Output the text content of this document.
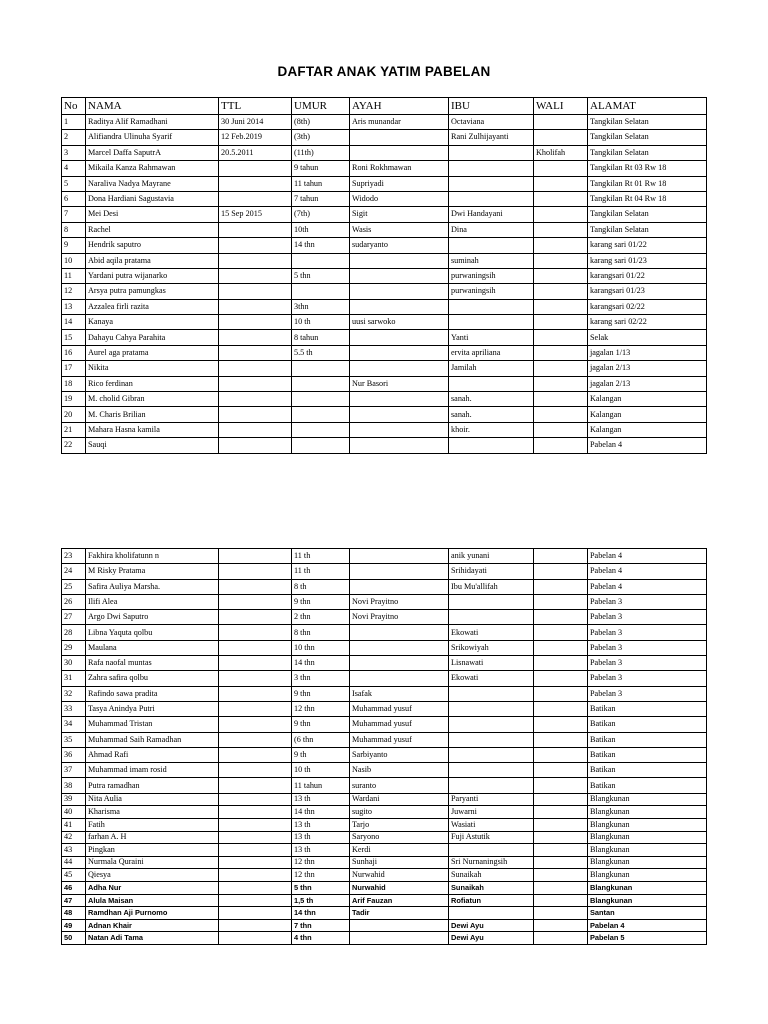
DAFTAR ANAK YATIM PABELAN
No	NAMA	TTL	UMUR	AYAH	IBU	WALI	ALAMAT
1	Raditya Alif Ramadhani	30 Juni 2014	(8th)	Aris munandar	Octaviana		Tangkilan Selatan
2	Alifiandra Ulinuha Syarif	12 Feb.2019	(3th)		Rani Zulhijayanti		Tangkilan Selatan
3	Marcel Daffa SaputrA	20.5.2011	(11th)			Kholifah	Tangkilan Selatan
4	Mikaila Kanza Rahmawan		9 tahun	Roni Rokhmawan			Tangkilan Rt 03 Rw 18
5	Naraliva Nadya Mayrane		11 tahun	Supriyadi			Tangkilan Rt 01 Rw 18
6	Dona Hardiani Sagustavia		7 tahun	Widodo			Tangkilan Rt 04 Rw 18
7	Mei Desi	15 Sep 2015	(7th)	Sigit	Dwi Handayani		Tangkilan Selatan
8	Rachel		10th	Wasis	Dina		Tangkilan Selatan
9	Hendrik saputro		14 thn	sudaryanto			karang sari 01/22
10	Abid aqila pratama				suminah		karang sari 01/23
11	Yardani putra wijanarko		5 thn		purwaningsih		karangsari 01/22
12	Arsya putra pamungkas				purwaningsih		karangsari 01/23
13	Azzalea firli razita		3thn				karangsari 02/22
14	Kanaya		10 th	uusi sarwoko			karang sari 02/22
15	Dahayu Cahya Parahita		8 tahun		Yanti		Selak
16	Aurel aga pratama		5.5 th		ervita apriliana		jagalan 1/13
17	Nikita				Jamilah		jagalan 2/13
18	Rico ferdinan			Nur Basori			jagalan 2/13
19	M. cholid Gibran				sanah.		Kalangan
20	M. Charis Brilian				sanah.		Kalangan
21	Mahara Hasna kamila				khoir.		Kalangan
22	Sauqi						Pabelan 4
23	Fakhira kholifatunn n		11 th		anik yunani		Pabelan 4
24	M Risky Pratama		11 th		Srihidayati		Pabelan 4
25	Safira Auliya Marsha.		8 th		Ibu Mu'allifah		Pabelan 4
26	Ilifi Alea		9 thn	Novi Prayitno			Pabelan 3
27	Argo Dwi Saputro		2 thn	Novi Prayitno			Pabelan 3
28	Libna Yaquta qolbu		8 thn		Ekowati		Pabelan 3
29	Maulana		10 thn		Srikowiyah		Pabelan 3
30	Rafa naofal muntas		14 thn		Lisnawati		Pabelan 3
31	Zahra safira qolbu		3 thn		Ekowati		Pabelan 3
32	Rafindo sawa pradita		9 thn	Isafak			Pabelan 3
33	Tasya Anindya Putri		12 thn	Muhammad yusuf			Batikan
34	Muhammad Tristan		9 thn	Muhammad yusuf			Batikan
35	Muhammad Saih Ramadhan		(6 thn	Muhammad yusuf			Batikan
36	Ahmad Rafi		9 th	Sarbiyanto			Batikan
37	Muhammad imam rosid		10 th	Nasib			Batikan
38	Putra ramadhan		11 tahun	suranto			Batikan
39	Nita Aulia		13 th	Wardani	Paryanti		Blangkunan
40	Kharisma		14 thn	sugito	Juwarni		Blangkunan
41	Fatih		13 th	Tarjo	Wasiati		Blangkunan
42	farhan A. H		13 th	Saryono	Fuji Astutik		Blangkunan
43	Pingkan		13 th	Kerdi			Blangkunan
44	Nurmala Quraini		12 thn	Sunhaji	Sri Nurnaningsih		Blangkunan
45	Qiesya		12 thn	Nurwahid	Sunaikah		Blangkunan
46	Adha Nur		5 thn	Nurwahid	Sunaikah		Blangkunan
47	Alula Maisan		1,5 th	Arif Fauzan	Rofiatun		Blangkunan
48	Ramdhan Aji Purnomo		14 thn	Tadir			Santan
49	Adnan Khair		7 thn		Dewi Ayu		Pabelan 4
50	Natan Adi Tama		4 thn		Dewi Ayu		Pabelan 5
